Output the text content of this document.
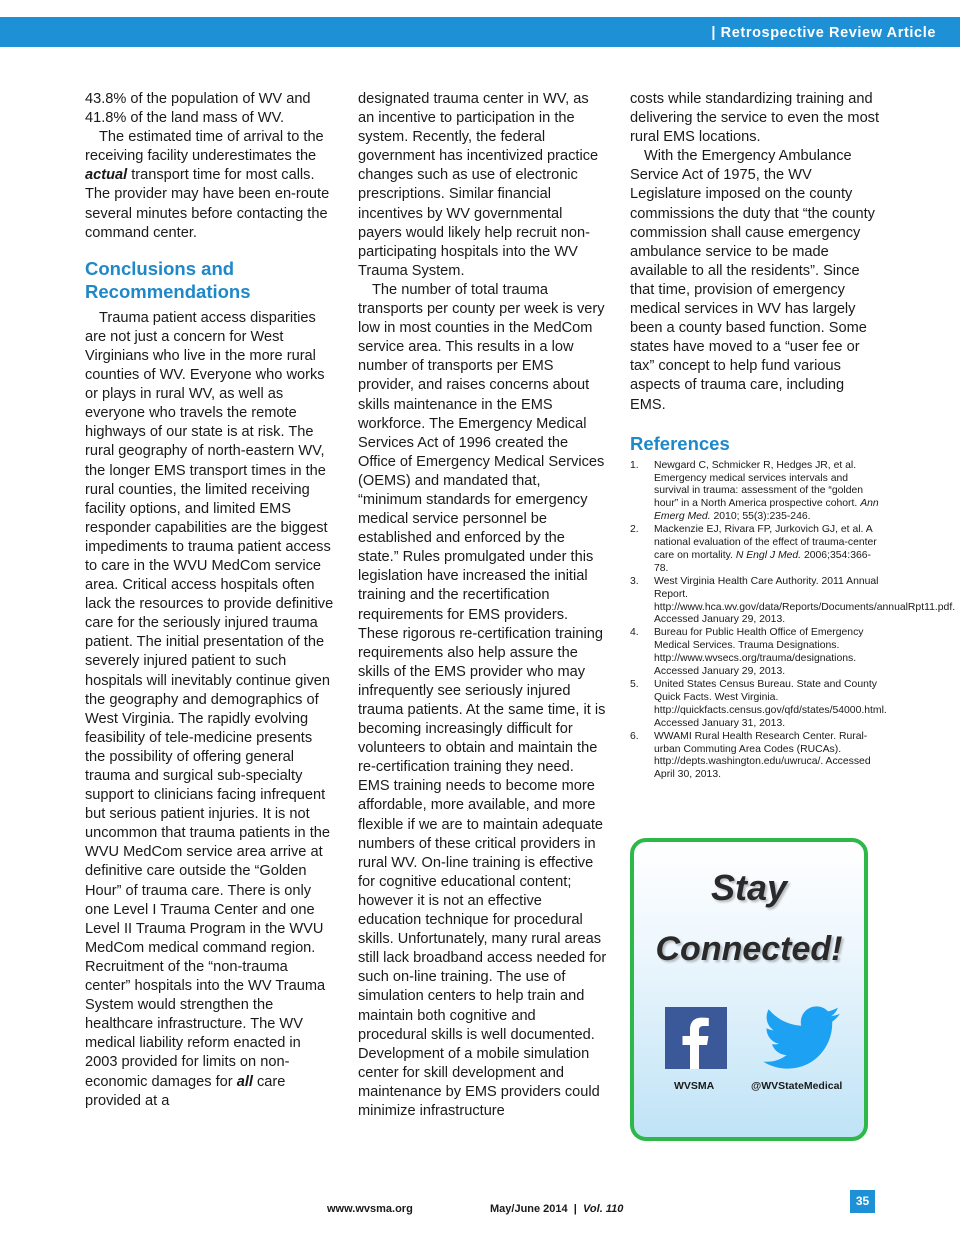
| Retrospective Review Article

43.8% of the population of WV and 41.8% of the land mass of WV.

The estimated time of arrival to the receiving facility underestimates the actual transport time for most calls. The provider may have been en-route several minutes before contacting the command center.

Conclusions and Recommendations

Trauma patient access disparities are not just a concern for West Virginians who live in the more rural counties of WV. Everyone who works or plays in rural WV, as well as everyone who travels the remote highways of our state is at risk. The rural geography of north-eastern WV, the longer EMS transport times in the rural counties, the limited receiving facility options, and limited EMS responder capabilities are the biggest impediments to trauma patient access to care in the WVU MedCom service area. Critical access hospitals often lack the resources to provide definitive care for the seriously injured trauma patient. The initial presentation of the severely injured patient to such hospitals will inevitably continue given the geography and demographics of West Virginia. The rapidly evolving feasibility of tele-medicine presents the possibility of offering general trauma and surgical sub-specialty support to clinicians facing infrequent but serious patient injuries. It is not uncommon that trauma patients in the WVU MedCom service area arrive at definitive care outside the “Golden Hour” of trauma care. There is only one Level I Trauma Center and one Level II Trauma Program in the WVU MedCom medical command region. Recruitment of the “non-trauma center” hospitals into the WV Trauma System would strengthen the healthcare infrastructure. The WV medical liability reform enacted in 2003 provided for limits on non-economic damages for all care provided at a

designated trauma center in WV, as an incentive to participation in the system. Recently, the federal government has incentivized practice changes such as use of electronic prescriptions. Similar financial incentives by WV governmental payers would likely help recruit non-participating hospitals into the WV Trauma System.

The number of total trauma transports per county per week is very low in most counties in the MedCom service area. This results in a low number of transports per EMS provider, and raises concerns about skills maintenance in the EMS workforce. The Emergency Medical Services Act of 1996 created the Office of Emergency Medical Services (OEMS) and mandated that, “minimum standards for emergency medical service personnel be established and enforced by the state.” Rules promulgated under this legislation have increased the initial training and the recertification requirements for EMS providers. These rigorous re-certification training requirements also help assure the skills of the EMS provider who may infrequently see seriously injured trauma patients. At the same time, it is becoming increasingly difficult for volunteers to obtain and maintain the re-certification training they need. EMS training needs to become more affordable, more available, and more flexible if we are to maintain adequate numbers of these critical providers in rural WV. On-line training is effective for cognitive educational content; however it is not an effective education technique for procedural skills. Unfortunately, many rural areas still lack broadband access needed for such on-line training. The use of simulation centers to help train and maintain both cognitive and procedural skills is well documented. Development of a mobile simulation center for skill development and maintenance by EMS providers could minimize infrastructure

costs while standardizing training and delivering the service to even the most rural EMS locations.

With the Emergency Ambulance Service Act of 1975, the WV Legislature imposed on the county commissions the duty that “the county commission shall cause emergency ambulance service to be made available to all the residents”. Since that time, provision of emergency medical services in WV has largely been a county based function. Some states have moved to a “user fee or tax” concept to help fund various aspects of trauma care, including EMS.

References
1. Newgard C, Schmicker R, Hedges JR, et al. Emergency medical services intervals and survival in trauma: assessment of the “golden hour” in a North America prospective cohort. Ann Emerg Med. 2010; 55(3):235-246.
2. Mackenzie EJ, Rivara FP, Jurkovich GJ, et al. A national evaluation of the effect of trauma-center care on mortality. N Engl J Med. 2006;354:366-78.
3. West Virginia Health Care Authority. 2011 Annual Report. http://www.hca.wv.gov/data/Reports/Documents/annualRpt11.pdf. Accessed January 29, 2013.
4. Bureau for Public Health Office of Emergency Medical Services. Trauma Designations. http://www.wvsecs.org/trauma/designations. Accessed January 29, 2013.
5. United States Census Bureau. State and County Quick Facts. West Virginia. http://quickfacts.census.gov/qfd/states/54000.html. Accessed January 31, 2013.
6. WWAMI Rural Health Research Center. Rural-urban Commuting Area Codes (RUCAs). http://depts.washington.edu/uwruca/. Accessed April 30, 2013.
Stay
Connected!
WVSMA	@WVStateMedical
www.wvsma.org	May/June 2014 | Vol. 110
35
